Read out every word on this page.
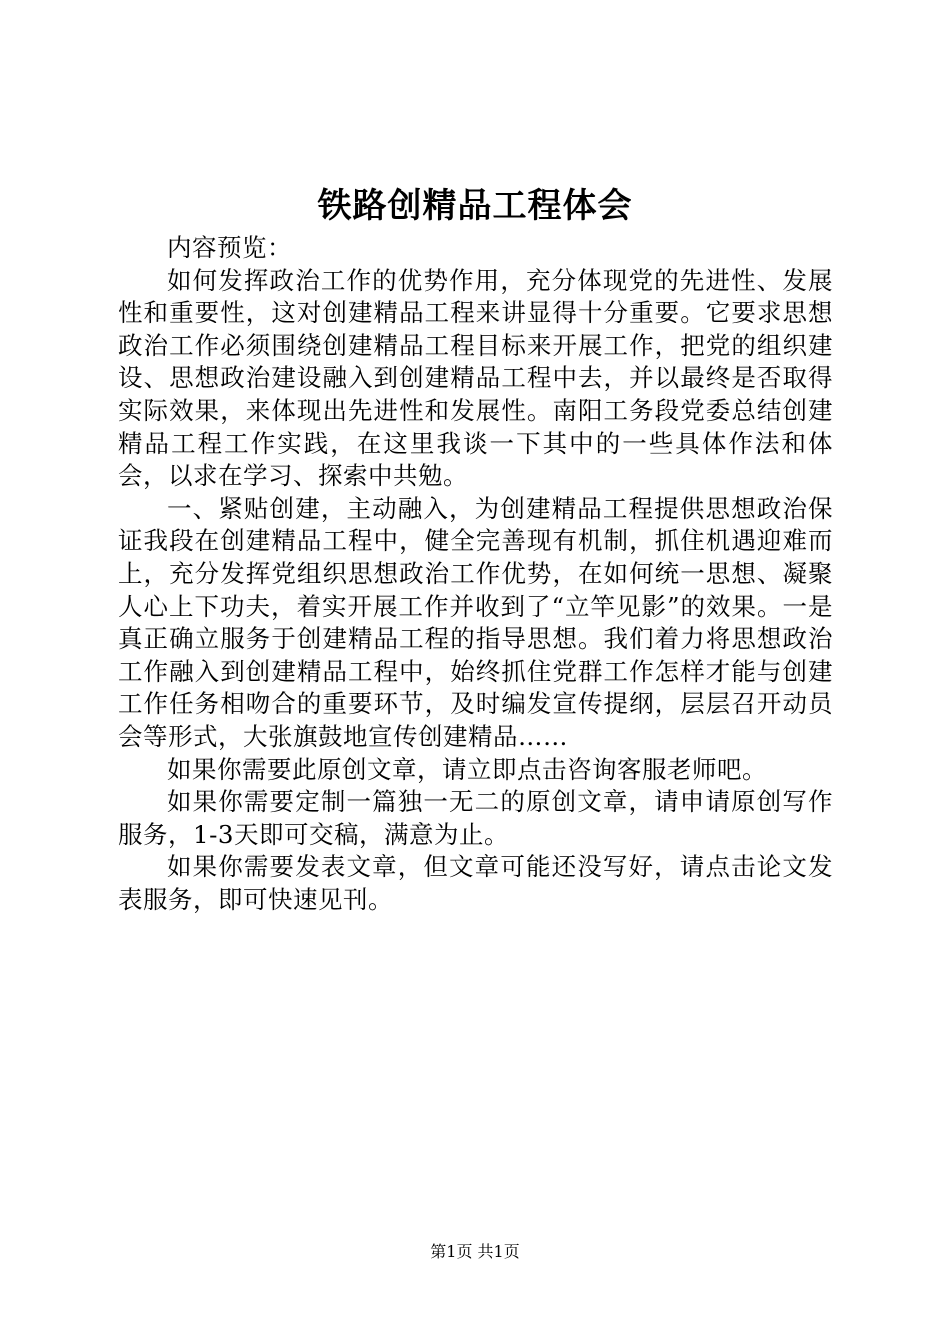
铁路创精品工程体会

内容预览：

如何发挥政治工作的优势作用，充分体现党的先进性、发展性和重要性，这对创建精品工程来讲显得十分重要。它要求思想政治工作必须围绕创建精品工程目标来开展工作，把党的组织建设、思想政治建设融入到创建精品工程中去，并以最终是否取得实际效果，来体现出先进性和发展性。南阳工务段党委总结创建精品工程工作实践，在这里我谈一下其中的一些具体作法和体会，以求在学习、探索中共勉。

一、紧贴创建，主动融入，为创建精品工程提供思想政治保证我段在创建精品工程中，健全完善现有机制，抓住机遇迎难而上，充分发挥党组织思想政治工作优势，在如何统一思想、凝聚人心上下功夫，着实开展工作并收到了“立竿见影”的效果。一是真正确立服务于创建精品工程的指导思想。我们着力将思想政治工作融入到创建精品工程中，始终抓住党群工作怎样才能与创建工作任务相吻合的重要环节，及时编发宣传提纲，层层召开动员会等形式，大张旗鼓地宣传创建精品……

如果你需要此原创文章，请立即点击咨询客服老师吧。

如果你需要定制一篇独一无二的原创文章，请申请原创写作服务，1-3天即可交稿，满意为止。

如果你需要发表文章，但文章可能还没写好，请点击论文发表服务，即可快速见刊。

第1页 共1页
